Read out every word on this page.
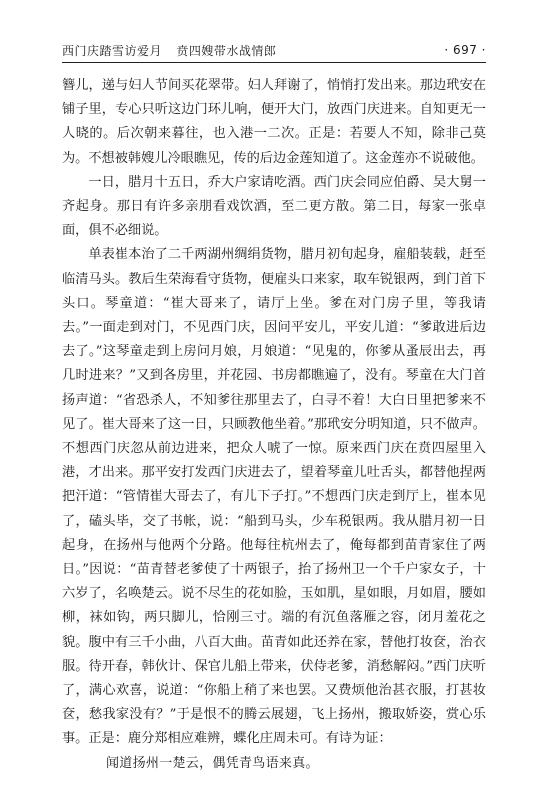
西门庆踏雪访爱月 贲四嫂带水战情郎	· 697 ·

簪儿，递与妇人节间买花翠带。妇人拜谢了，悄悄打发出来。那边玳安在铺子里，专心只听这边门环儿响，便开大门，放西门庆进来。自知更无一人晓的。后次朝来暮往，也入港一二次。正是：若要人不知，除非己莫为。不想被韩嫂儿冷眼瞧见，传的后边金莲知道了。这金莲亦不说破他。

一日，腊月十五日，乔大户家请吃酒。西门庆会同应伯爵、吴大舅一齐起身。那日有许多亲朋看戏饮酒，至二更方散。第二日，每家一张卓面，俱不必细说。

单表崔本治了二千两湖州绸绢货物，腊月初旬起身，雇船装载，赶至临清马头。教后生荣海看守货物，便雇头口来家，取车锐银两，到门首下头口。琴童道：“崔大哥来了，请厅上坐。爹在对门房子里，等我请去。”一面走到对门，不见西门庆，因问平安儿，平安儿道：“爹敢进后边去了。”这琴童走到上房问月娘，月娘道：“见鬼的，你爹从蚤辰出去，再几时进来？”又到各房里，并花园、书房都瞧遍了，没有。琴童在大门首扬声道：“省恐杀人，不知爹往那里去了，白寻不着！大白日里把爹来不见了。崔大哥来了这一日，只顾教他坐着。”那玳安分明知道，只不做声。不想西门庆忽从前边进来，把众人唬了一惊。原来西门庆在贲四屋里入港，才出来。那平安打发西门庆进去了，望着琴童儿吐舌头，都替他捏两把汗道：“管情崔大哥去了，有儿下子打。”不想西门庆走到厅上，崔本见了，磕头毕，交了书帐，说：“船到马头，少车税银两。我从腊月初一日起身，在扬州与他两个分路。他每往杭州去了，俺每都到苗青家住了两日。”因说：“苗青替老爹使了十两银子，抬了扬州卫一个千户家女子，十六岁了，名唤楚云。说不尽生的花如脸，玉如肌，星如眼，月如眉，腰如柳，袜如钩，两只脚儿，恰刚三寸。端的有沉鱼落雁之容，闭月羞花之貌。腹中有三千小曲，八百大曲。苗青如此还养在家，替他打妆奁，治衣服。待开春，韩伙计、保官儿船上带来，伏侍老爹，消愁解闷。”西门庆听了，满心欢喜，说道：“你船上稍了来也罢。又费烦他治甚衣服，打甚妆奁，愁我家没有？”于是恨不的腾云展翅，飞上扬州，搬取娇姿，赏心乐事。正是：鹿分郑相应难辨，蝶化庄周未可。有诗为证：

闻道扬州一楚云，偶凭青鸟语来真。
